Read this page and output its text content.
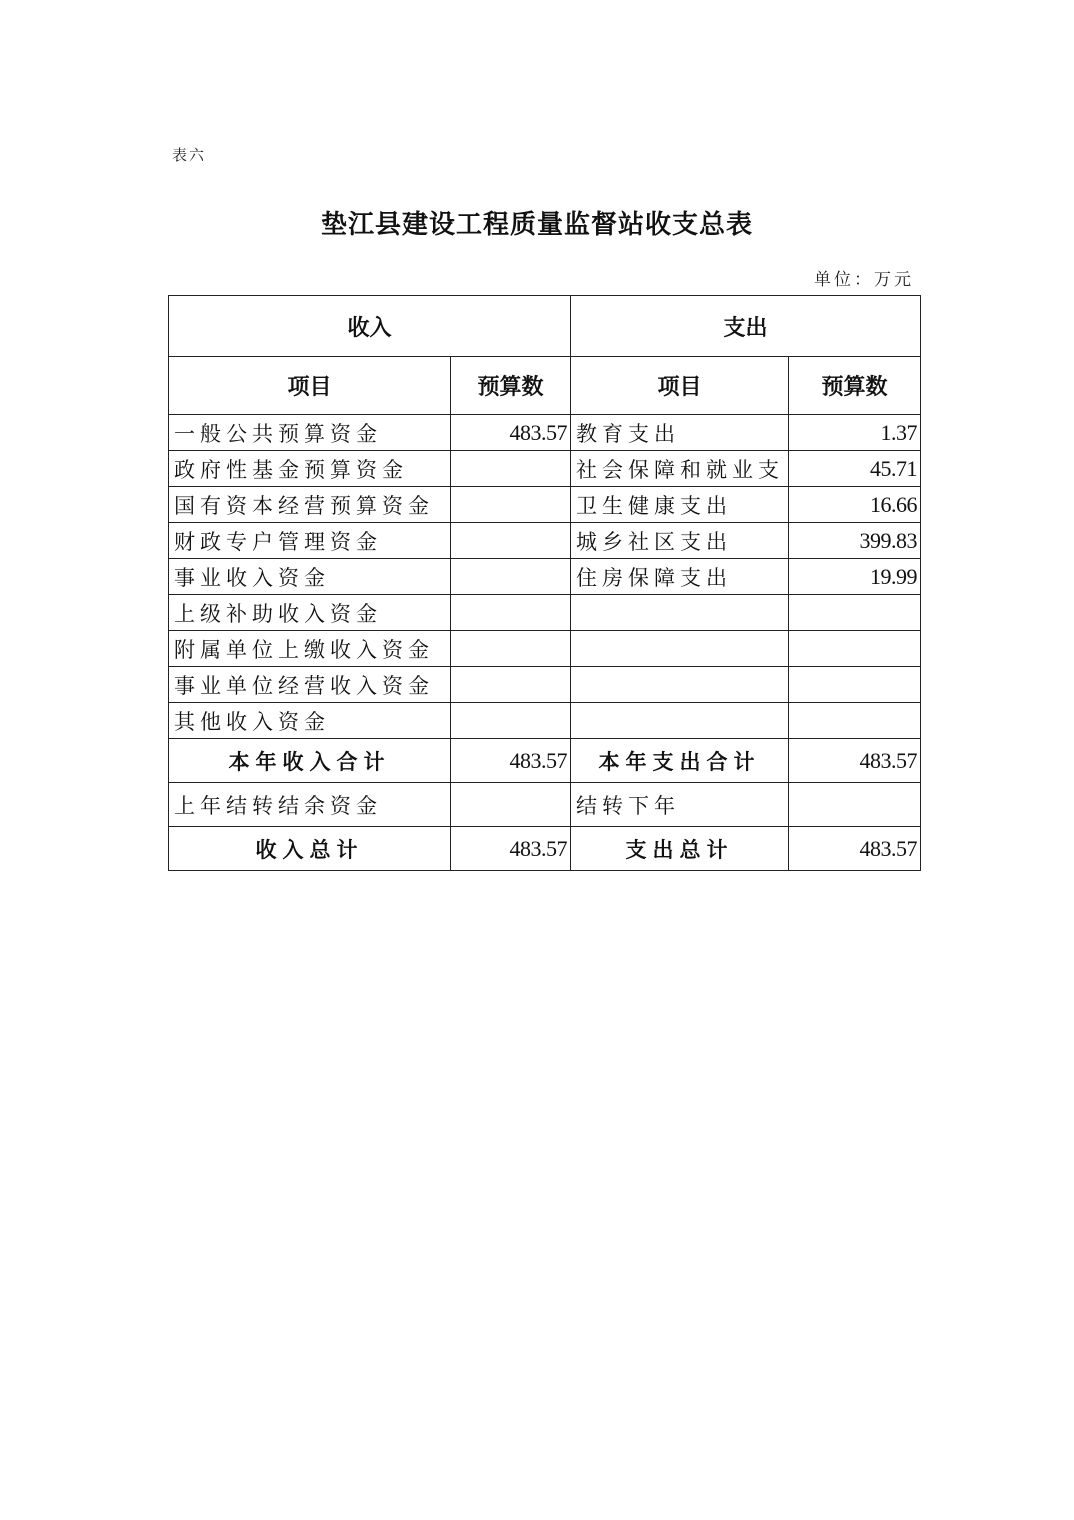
表六
垫江县建设工程质量监督站收支总表
单位：万元
收入		支出	
项目	预算数	项目	预算数
一般公共预算资金	483.57	教育支出	1.37
政府性基金预算资金		社会保障和就业支	45.71
国有资本经营预算资金		卫生健康支出	16.66
财政专户管理资金		城乡社区支出	399.83
事业收入资金		住房保障支出	19.99
上级补助收入资金			
附属单位上缴收入资金			
事业单位经营收入资金			
其他收入资金			
本年收入合计	483.57	本年支出合计	483.57
上年结转结余资金		结转下年	
收入总计	483.57	支出总计	483.57
